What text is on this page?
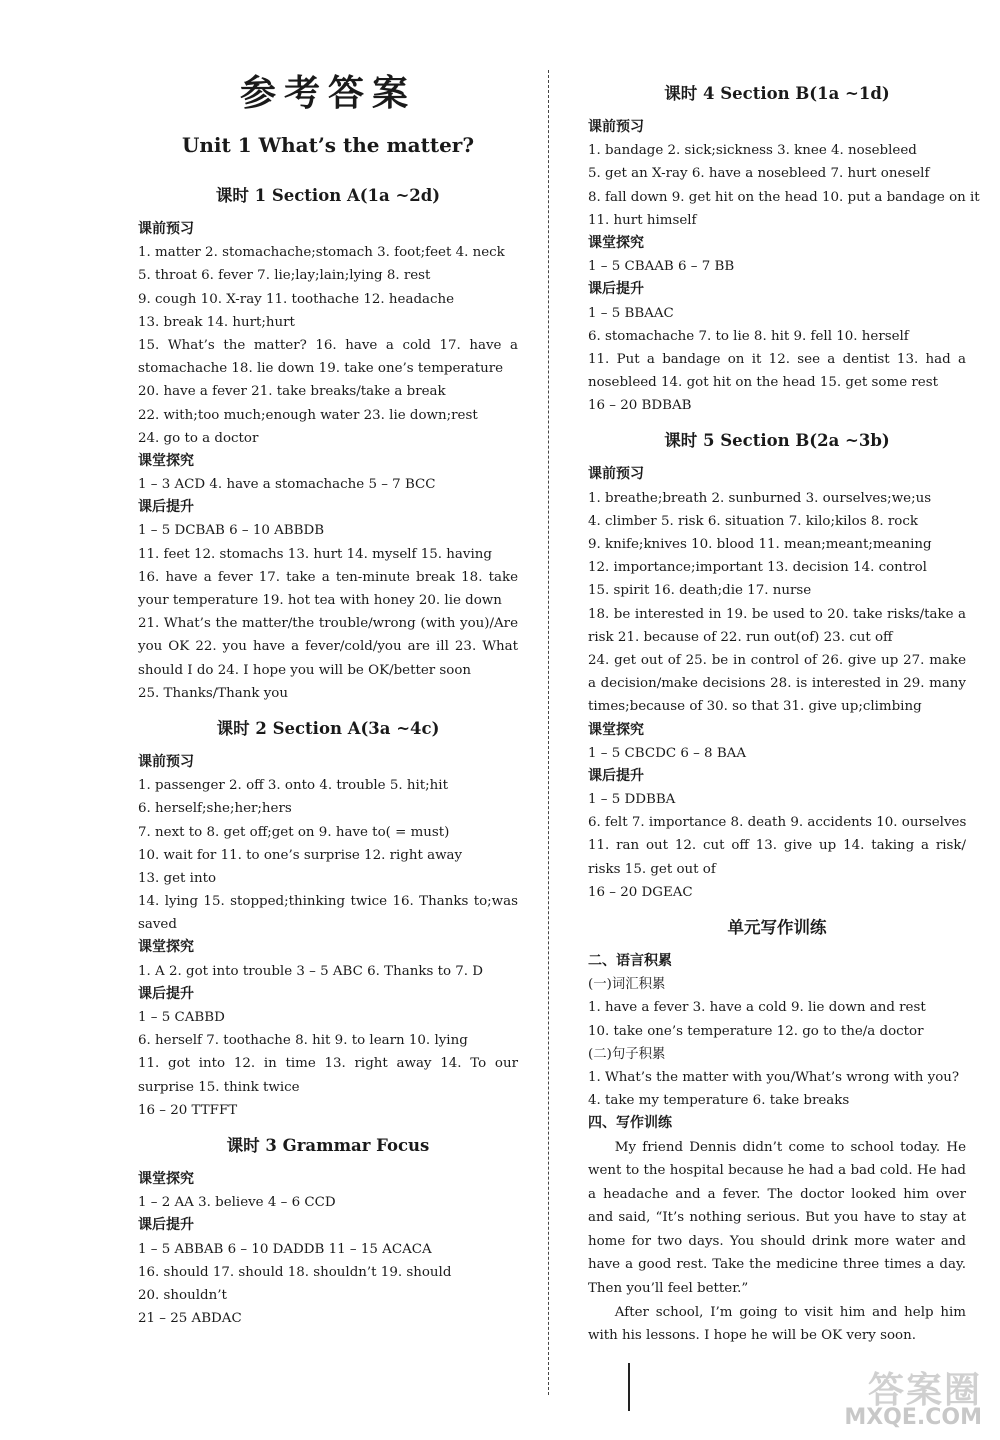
参考答案
Unit 1 What’s the matter?
课时 1 Section A(1a ~2d)
课前预习
1. matter 2. stomachache;stomach 3. foot;feet 4. neck
5. throat 6. fever 7. lie;lay;lain;lying 8. rest
9. cough 10. X-ray 11. toothache 12. headache
13. break 14. hurt;hurt
15. What’s the matter? 16. have a cold 17. have a
stomachache 18. lie down 19. take one’s temperature
20. have a fever 21. take breaks/take a break
22. with;too much;enough water 23. lie down;rest
24. go to a doctor
课堂探究
1 – 3 ACD 4. have a stomachache 5 – 7 BCC
课后提升
1 – 5 DCBAB 6 – 10 ABBDB
11. feet 12. stomachs 13. hurt 14. myself 15. having
16. have a fever 17. take a ten-minute break 18. take
your temperature 19. hot tea with honey 20. lie down
21. What’s the matter/the trouble/wrong (with you)/Are
you OK 22. you have a fever/cold/you are ill 23. What
should I do 24. I hope you will be OK/better soon
25. Thanks/Thank you
课时 2 Section A(3a ~4c)
课前预习
1. passenger 2. off 3. onto 4. trouble 5. hit;hit
6. herself;she;her;hers
7. next to 8. get off;get on 9. have to( = must)
10. wait for 11. to one’s surprise 12. right away
13. get into
14. lying 15. stopped;thinking twice 16. Thanks to;was
saved
课堂探究
1. A 2. got into trouble 3 – 5 ABC 6. Thanks to 7. D
课后提升
1 – 5 CABBD
6. herself 7. toothache 8. hit 9. to learn 10. lying
11. got into 12. in time 13. right away 14. To our
surprise 15. think twice
16 – 20 TTFFT
课时 3 Grammar Focus
课堂探究
1 – 2 AA 3. believe 4 – 6 CCD
课后提升
1 – 5 ABBAB 6 – 10 DADDB 11 – 15 ACACA
16. should 17. should 18. shouldn’t 19. should
20. shouldn’t
21 – 25 ABDAC
课时 4 Section B(1a ~1d)
课前预习
1. bandage 2. sick;sickness 3. knee 4. nosebleed
5. get an X-ray 6. have a nosebleed 7. hurt oneself
8. fall down 9. get hit on the head 10. put a bandage on it
11. hurt himself
课堂探究
1 – 5 CBAAB 6 – 7 BB
课后提升
1 – 5 BBAAC
6. stomachache 7. to lie 8. hit 9. fell 10. herself
11. Put a bandage on it 12. see a dentist 13. had a
nosebleed 14. got hit on the head 15. get some rest
16 – 20 BDBAB
课时 5 Section B(2a ~3b)
课前预习
1. breathe;breath 2. sunburned 3. ourselves;we;us
4. climber 5. risk 6. situation 7. kilo;kilos 8. rock
9. knife;knives 10. blood 11. mean;meant;meaning
12. importance;important 13. decision 14. control
15. spirit 16. death;die 17. nurse
18. be interested in 19. be used to 20. take risks/take a
risk 21. because of 22. run out(of) 23. cut off
24. get out of 25. be in control of 26. give up 27. make
a decision/make decisions 28. is interested in 29. many
times;because of 30. so that 31. give up;climbing
课堂探究
1 – 5 CBCDC 6 – 8 BAA
课后提升
1 – 5 DDBBA
6. felt 7. importance 8. death 9. accidents 10. ourselves
11. ran out 12. cut off 13. give up 14. taking a risk/
risks 15. get out of
16 – 20 DGEAC
单元写作训练
二、语言积累
(一)词汇积累
1. have a fever 3. have a cold 9. lie down and rest
10. take one’s temperature 12. go to the/a doctor
(二)句子积累
1. What’s the matter with you/What’s wrong with you?
4. take my temperature 6. take breaks
四、写作训练

My friend Dennis didn’t come to school today. He went to the hospital because he had a bad cold. He had a headache and a fever. The doctor looked him over and said, “It’s nothing serious. But you have to stay at home for two days. You should drink more water and have a good rest. Take the medicine three times a day. Then you’ll feel better.”

After school, I’m going to visit him and help him with his lessons. I hope he will be OK very soon.

答案圈
MXQE.COM
